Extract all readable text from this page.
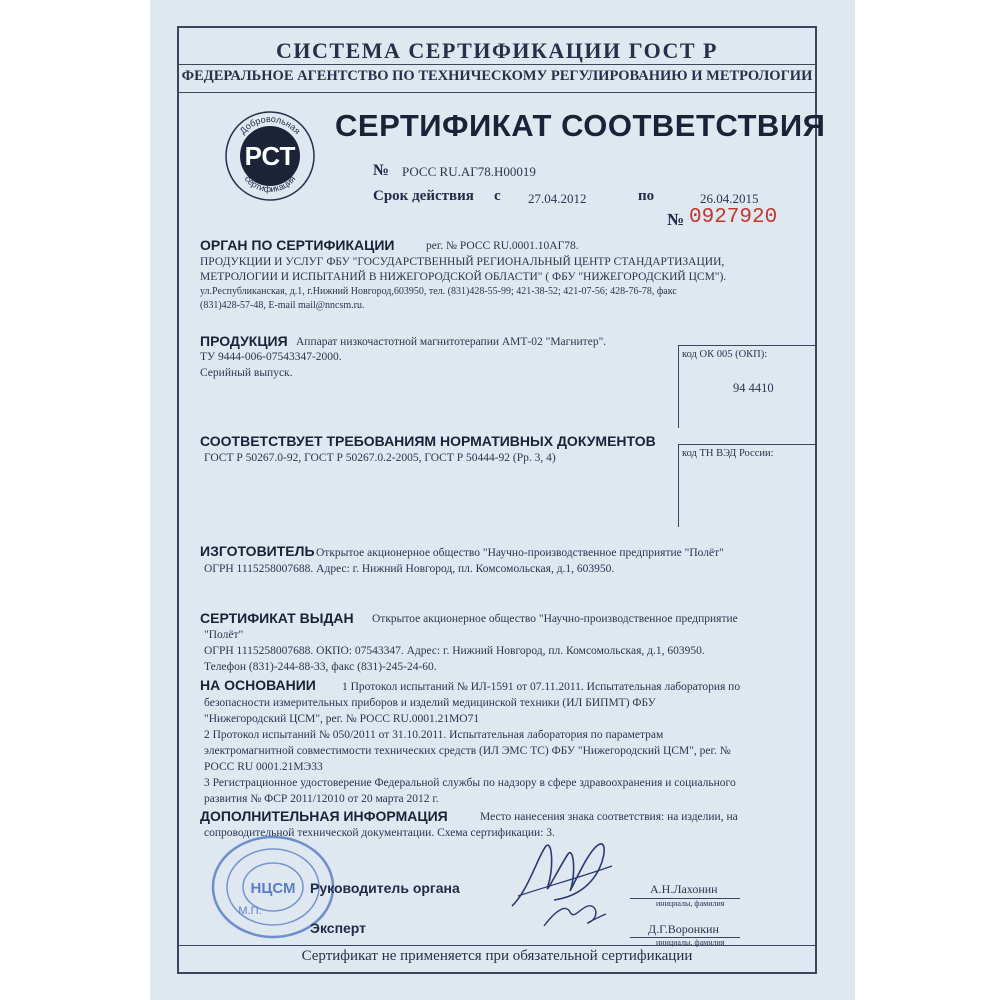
СИСТЕМА СЕРТИФИКАЦИИ ГОСТ Р
ФЕДЕРАЛЬНОЕ АГЕНТСТВО ПО ТЕХНИЧЕСКОМУ РЕГУЛИРОВАНИЮ И МЕТРОЛОГИИ
Добровольная
сертификация
РСТ
СЕРТИФИКАТ СООТВЕТСТВИЯ
№ РОСС RU.АГ78.Н00019
Срок действия с 27.04.2012	по	26.04.2015
№ 0927920
ОРГАН ПО СЕРТИФИКАЦИИ	рег. № РОСС RU.0001.10АГ78.
ПРОДУКЦИИ И УСЛУГ ФБУ "ГОСУДАРСТВЕННЫЙ РЕГИОНАЛЬНЫЙ ЦЕНТР СТАНДАРТИЗАЦИИ,
МЕТРОЛОГИИ И ИСПЫТАНИЙ В НИЖЕГОРОДСКОЙ ОБЛАСТИ" ( ФБУ "НИЖЕГОРОДСКИЙ ЦСМ").
ул.Республиканская, д.1, г.Нижний Новгород,603950, тел. (831)428-55-99; 421-38-52; 421-07-56; 428-76-78, факс
(831)428-57-48, E-mail mail@nncsm.ru.
ПРОДУКЦИЯ Аппарат низкочастотной магнитотерапии АМТ-02 "Магнитер".
ТУ 9444-006-07543347-2000.
Серийный выпуск.
код ОК 005 (ОКП):
94 4410
СООТВЕТСТВУЕТ ТРЕБОВАНИЯМ НОРМАТИВНЫХ ДОКУМЕНТОВ
ГОСТ Р 50267.0-92, ГОСТ Р 50267.0.2-2005, ГОСТ Р 50444-92 (Рр. 3, 4)	код ТН ВЭД России:
ИЗГОТОВИТЕЛЬ Открытое акционерное общество "Научно-производственное предприятие "Полёт"
ОГРН 1115258007688. Адрес: г. Нижний Новгород, пл. Комсомольская, д.1, 603950.
СЕРТИФИКАТ ВЫДАН Открытое акционерное общество "Научно-производственное предприятие
"Полёт"
ОГРН 1115258007688. ОКПО: 07543347. Адрес: г. Нижний Новгород, пл. Комсомольская, д.1, 603950.
Телефон (831)-244-88-33, факс (831)-245-24-60.
НА ОСНОВАНИИ 1 Протокол испытаний № ИЛ-1591 от 07.11.2011. Испытательная лаборатория по
безопасности измерительных приборов и изделий медицинской техники (ИЛ БИПМТ) ФБУ
"Нижегородский ЦСМ", рег. № РОСС RU.0001.21МО71
2 Протокол испытаний № 050/2011 от 31.10.2011. Испытательная лаборатория по параметрам
электромагнитной совместимости технических средств (ИЛ ЭМС ТС) ФБУ "Нижегородский ЦСМ", рег. №
РОСС RU 0001.21МЭ33
3 Регистрационное удостоверение Федеральной службы по надзору в сфере здравоохранения и социального
развития № ФСР 2011/12010 от 20 марта 2012 г.
ДОПОЛНИТЕЛЬНАЯ ИНФОРМАЦИЯ	Место нанесения знака соответствия: на изделии, на
сопроводительной технической документации. Схема сертификации: 3.
НЦСМ
М.П.
Руководитель органа	А.Н.Лахонин
инициалы, фамилия
Эксперт	Д.Г.Воронкин
инициалы, фамилия
Сертификат не применяется при обязательной сертификации
